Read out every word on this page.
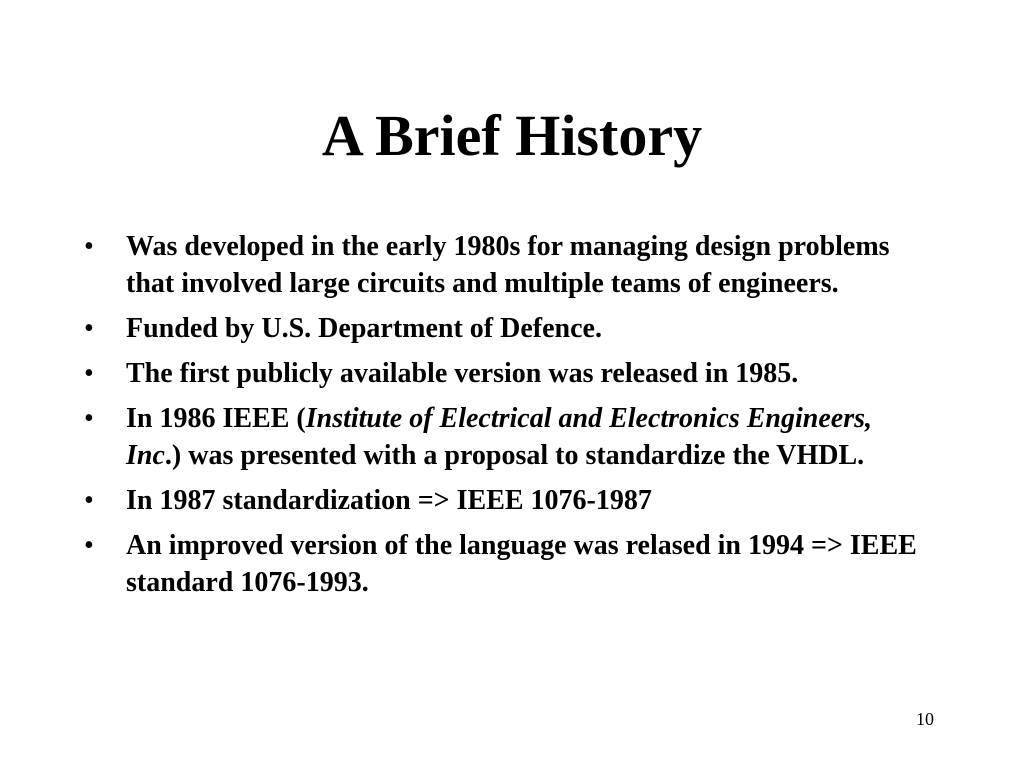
A Brief History
•	Was developed in the early 1980s for managing design problems that involved large circuits and multiple teams of engineers.
•	Funded by U.S. Department of Defence.
•	The first publicly available version was released in 1985.
•	In 1986 IEEE (Institute of Electrical and Electronics Engineers, Inc.) was presented with a proposal to standardize the VHDL.
•	In 1987 standardization => IEEE 1076-1987
•	An improved version of the language was relased in 1994 => IEEE standard 1076-1993.
10
